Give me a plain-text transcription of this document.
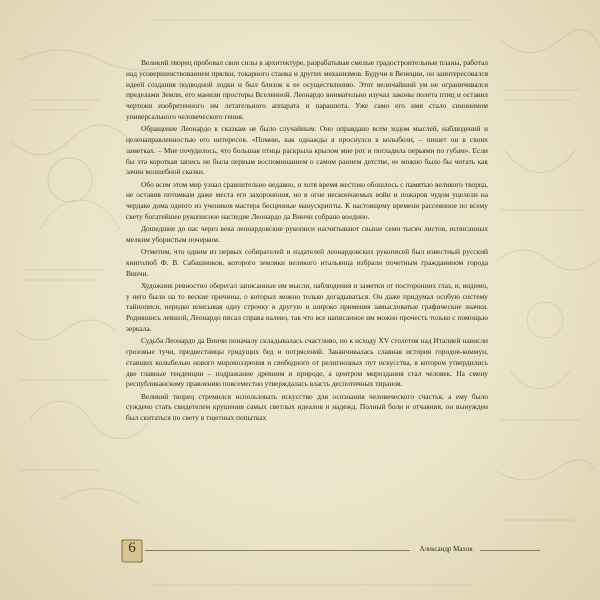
Великий творец пробовал свои силы в архитектуре, разрабатывая смелые градостроительные планы, работал над усовершенствованием прялки, токарного станка и других механизмов. Будучи в Венеции, он заинтересовался идеей создания подводной лодки и был близок к ее осуществлению. Этот величайший ум не ограничивался пределами Земли, его манили просторы Вселенной. Леонардо внимательно изучал законы полета птиц и оставил чертежи изобретенного им летательного аппарата и парашюта. Уже само его имя стало синонимом универсального человеческого гения.

Обращение Леонардо к сказкам не было случайным. Оно оправдано всем ходом мыслей, наблюдений и целенаправленностью его интересов. «Помню, как однажды я проснулся в колыбели, – пишет он в своих заметках. – Мне почудилось, что большая птица раскрыла крылом мне рот и погладила перьями по губам». Если бы эта короткая запись не была первым воспоминанием о самом раннем детстве, ее можно было бы читать как зачин волшебной сказки.

Обо всем этом мир узнал сравнительно недавно, и хотя время жестоко обошлось с памятью великого творца, не оставив потомкам даже места его захоронения, но в огне нескончаемых войн и пожаров чудом уцелели на чердаке дома одного из учеников мастера бесценные манускрипты. К настоящему времени рассеянное по всему свету богатейшее рукописное наследие Леонардо да Винчи собрано воедино.

Дошедшие до нас через века леонардовские рукописи насчитывают свыше семи тысяч листов, исписанных мелким убористым почерком.

Отметим, что одним из первых собирателей и издателей леонардовских рукописей был известный русский книголюб Ф. В. Сабашников, которого земляки великого итальянца избрали почетным гражданином города Винчи.

Художник ревностно оберегал записанные им мысли, наблюдения и заметки от посторонних глаз, и, видимо, у него были на то веские причины, о которых можно только догадываться. Он даже придумал особую систему тайнописи, нередко вписывая одну строчку в другую и широко применяя замысловатые графические значки. Родившись левшой, Леонардо писал справа налево, так что все написанное им можно прочесть только с помощью зеркала.

Судьба Леонардо да Винчи поначалу складывалась счастливо, но к исходу XV столетия над Италией нависли грозовые тучи, предвестницы грядущих бед и потрясений. Заканчивалась славная история городов-коммун, ставших колыбелью нового мировоззрения и свободного от религиозных пут искусства, в котором утвердились две главные тенденции – подражание древним и природе, а центром мироздания стал человек. На смену республиканскому правлению повсеместно утверждалась власть деспотичных тиранов.

Великий творец стремился использовать искусство для осознания человеческого счастья, а ему было суждено стать свидетелем крушения самых светлых идеалов и надежд. Полный боли и отчаяния, он вынужден был скитаться по свету в тщетных попытках

6	Александр Махов
